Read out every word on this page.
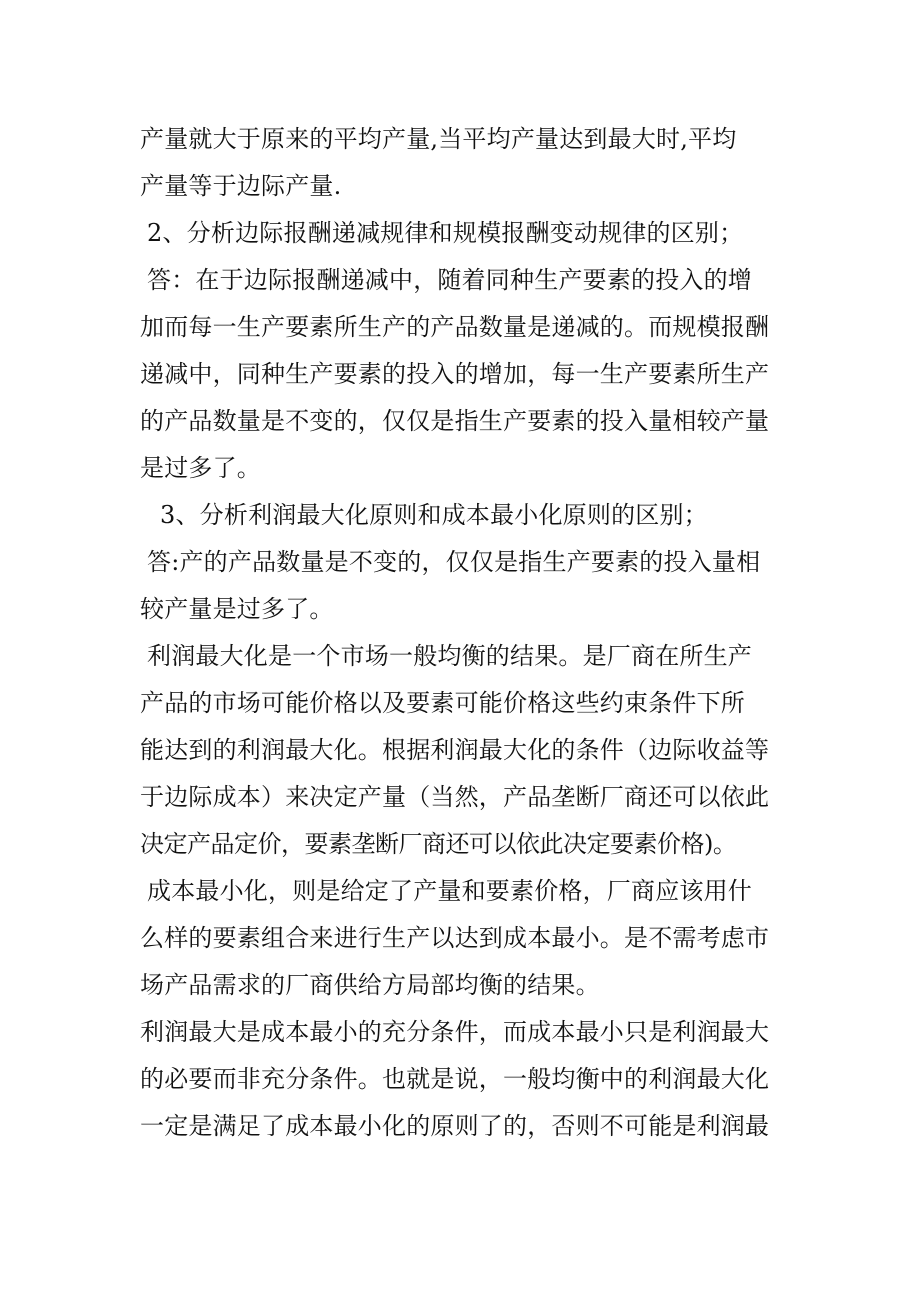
产量就大于原来的平均产量,当平均产量达到最大时,平均
产量等于边际产量.
2、分析边际报酬递减规律和规模报酬变动规律的区别；
答：在于边际报酬递减中，随着同种生产要素的投入的增
加而每一生产要素所生产的产品数量是递减的。而规模报酬
递减中，同种生产要素的投入的增加，每一生产要素所生产
的产品数量是不变的，仅仅是指生产要素的投入量相较产量
是过多了。
3、分析利润最大化原则和成本最小化原则的区别；
答:产的产品数量是不变的，仅仅是指生产要素的投入量相
较产量是过多了。
利润最大化是一个市场一般均衡的结果。是厂商在所生产
产品的市场可能价格以及要素可能价格这些约束条件下所
能达到的利润最大化。根据利润最大化的条件（边际收益等
于边际成本）来决定产量（当然，产品垄断厂商还可以依此
决定产品定价，要素垄断厂商还可以依此决定要素价格)。
成本最小化，则是给定了产量和要素价格，厂商应该用什
么样的要素组合来进行生产以达到成本最小。是不需考虑市
场产品需求的厂商供给方局部均衡的结果。
利润最大是成本最小的充分条件，而成本最小只是利润最大
的必要而非充分条件。也就是说，一般均衡中的利润最大化
一定是满足了成本最小化的原则了的，否则不可能是利润最
